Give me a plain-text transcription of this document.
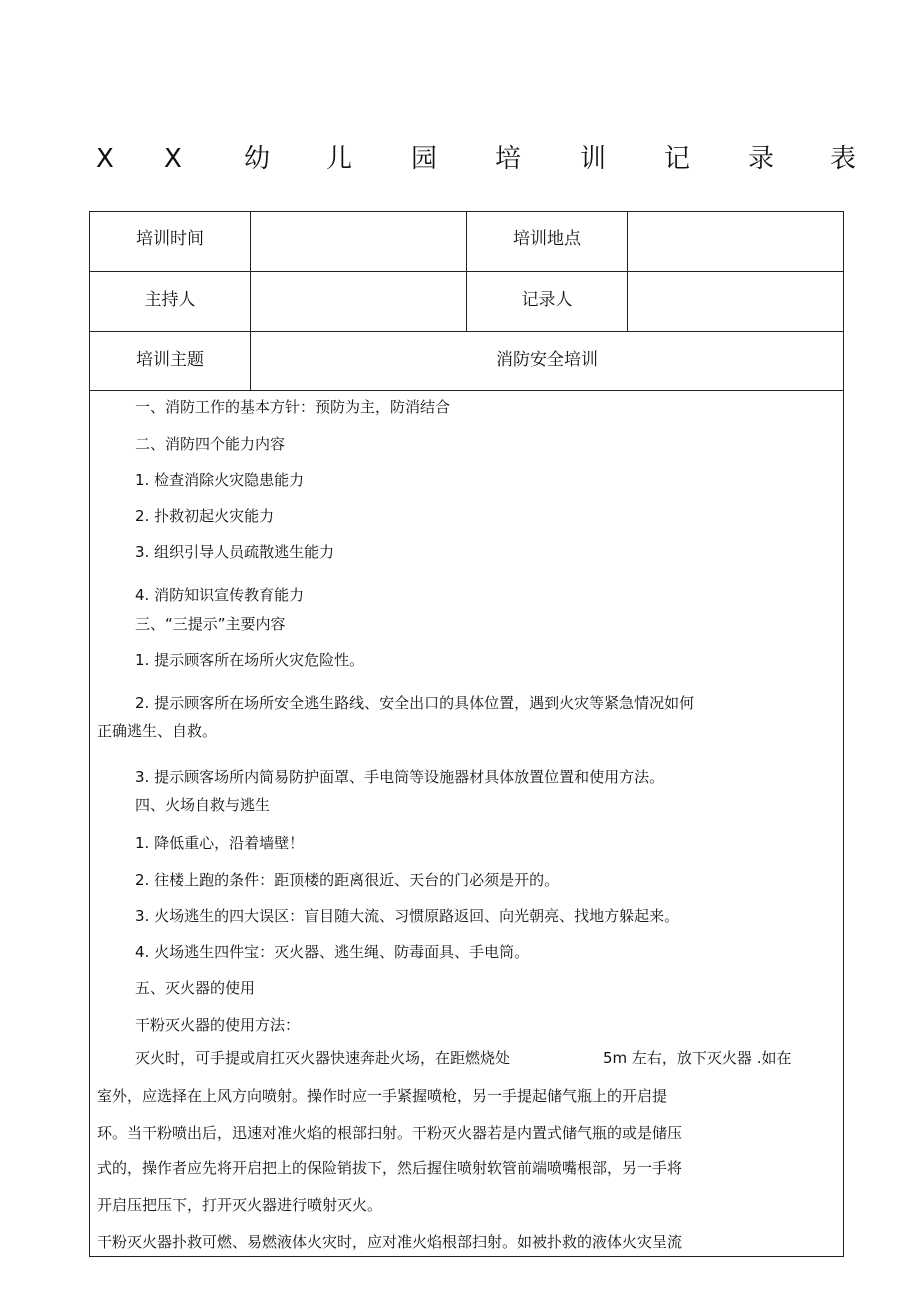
X X 幼 儿 园 培 训 记 录 表
培训时间	培训地点
主持人	记录人
培训主题	消防安全培训
一、消防工作的基本方针：预防为主，防消结合
二、消防四个能力内容
1. 检查消除火灾隐患能力
2. 扑救初起火灾能力
3. 组织引导人员疏散逃生能力
4. 消防知识宣传教育能力
三、“三提示”主要内容
1. 提示顾客所在场所火灾危险性。
2. 提示顾客所在场所安全逃生路线、安全出口的具体位置，遇到火灾等紧急情况如何
正确逃生、自救。
3. 提示顾客场所内简易防护面罩、手电筒等设施器材具体放置位置和使用方法。
四、火场自救与逃生
1. 降低重心，沿着墙壁！
2. 往楼上跑的条件：距顶楼的距离很近、天台的门必须是开的。
3. 火场逃生的四大误区：盲目随大流、习惯原路返回、向光朝亮、找地方躲起来。
4. 火场逃生四件宝：灭火器、逃生绳、防毒面具、手电筒。
五、灭火器的使用
干粉灭火器的使用方法：
灭火时，可手提或肩扛灭火器快速奔赴火场，在距燃烧处	5m 左右，放下灭火器 .如在
室外，应选择在上风方向喷射。操作时应一手紧握喷枪，另一手提起储气瓶上的开启提
环。当干粉喷出后，迅速对准火焰的根部扫射。干粉灭火器若是内置式储气瓶的或是储压
式的，操作者应先将开启把上的保险销拔下，然后握住喷射软管前端喷嘴根部，另一手将
开启压把压下，打开灭火器进行喷射灭火。
干粉灭火器扑救可燃、易燃液体火灾时，应对准火焰根部扫射。如被扑救的液体火灾呈流
